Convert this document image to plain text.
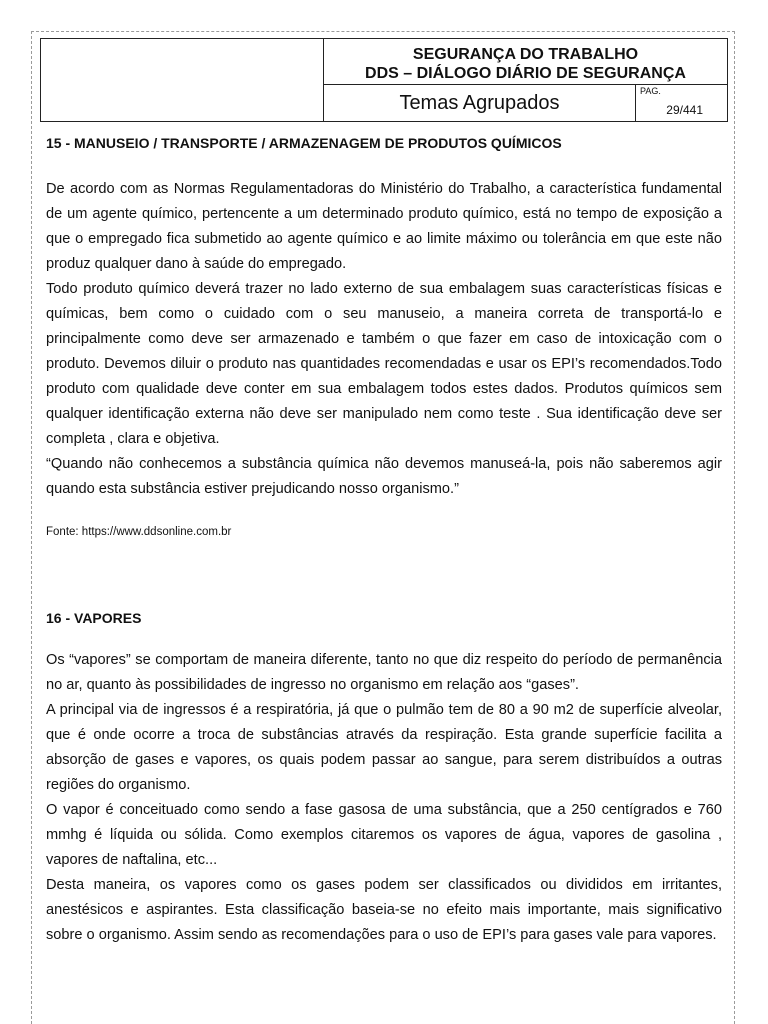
SEGURANÇA DO TRABALHO
DDS – DIÁLOGO DIÁRIO DE SEGURANÇA
Temas Agrupados
PAG.
29/441

15 - MANUSEIO / TRANSPORTE / ARMAZENAGEM DE PRODUTOS QUÍMICOS

De acordo com as Normas Regulamentadoras do Ministério do Trabalho, a característica fundamental de um agente químico, pertencente a um determinado produto químico, está no tempo de exposição a que o empregado fica submetido ao agente químico e ao limite máximo ou tolerância em que este não produz qualquer dano à saúde do empregado.

Todo produto químico deverá trazer no lado externo de sua embalagem suas características físicas e químicas, bem como o cuidado com o seu manuseio, a maneira correta de transportá-lo e principalmente como deve ser armazenado e também o que fazer em caso de intoxicação com o produto. Devemos diluir o produto nas quantidades recomendadas e usar os EPI’s recomendados.Todo produto com qualidade deve conter em sua embalagem todos estes dados. Produtos químicos sem qualquer identificação externa não deve ser manipulado nem como teste . Sua identificação deve ser completa , clara e objetiva.

“Quando não conhecemos a substância química não devemos manuseá-la, pois não saberemos agir quando esta substância estiver prejudicando nosso organismo.”

Fonte: https://www.ddsonline.com.br

16 - VAPORES

Os “vapores” se comportam de maneira diferente, tanto no que diz respeito do período de permanência no ar, quanto às possibilidades de ingresso no organismo em relação aos “gases”.

A principal via de ingressos é a respiratória, já que o pulmão tem de 80 a 90 m2 de superfície alveolar, que é onde ocorre a troca de substâncias através da respiração. Esta grande superfície facilita a absorção de gases e vapores, os quais podem passar ao sangue, para serem distribuídos a outras regiões do organismo.

O vapor é conceituado como sendo a fase gasosa de uma substância, que a 250 centígrados e 760 mmhg é líquida ou sólida. Como exemplos citaremos os vapores de água, vapores de gasolina , vapores de naftalina, etc...

Desta maneira, os vapores como os gases podem ser classificados ou divididos em irritantes, anestésicos e aspirantes. Esta classificação baseia-se no efeito mais importante, mais significativo sobre o organismo. Assim sendo as recomendações para o uso de EPI’s para gases vale para vapores.
